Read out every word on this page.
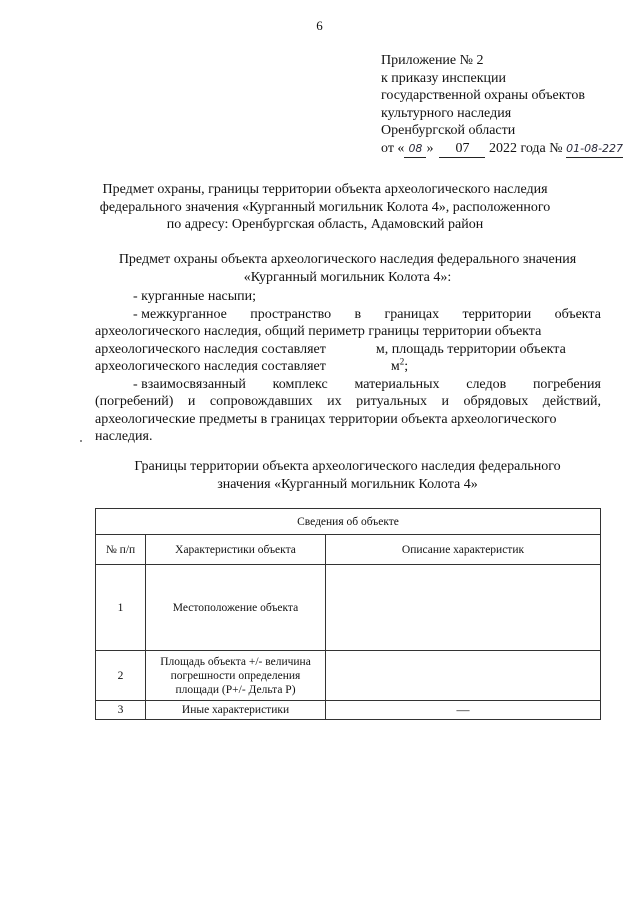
6
Приложение № 2
к приказу инспекции
государственной охраны объектов
культурного наследия
Оренбургской области
от « 08 » 07 2022 года № 01-08-227
Предмет охраны, границы территории объекта археологического наследия
федерального значения «Курганный могильник Колота 4», расположенного
по адресу: Оренбургская область, Адамовский район
Предмет охраны объекта археологического наследия федерального значения
«Курганный могильник Колота 4»:
- курганные насыпи;
- межкурганное пространство в границах территории объекта
археологического наследия, общий периметр границы территории объекта
археологического наследия составляет	м, площадь территории объекта
археологического наследия составляет	$м^2$;
- взаимосвязанный комплекс материальных следов погребения
(погребений) и сопровождавших их ритуальных и обрядовых действий,
археологические предметы в границах территории объекта археологического
наследия.
Границы территории объекта археологического наследия федерального
значения «Курганный могильник Колота 4»
Сведения об объекте		
№ п/п	Характеристики объекта	Описание характеристик
1	Местоположение объекта	
2	Площадь объекта +/- величина
погрешности определения
площади (Р+/- Дельта Р)	

3	Иные характеристики	—
